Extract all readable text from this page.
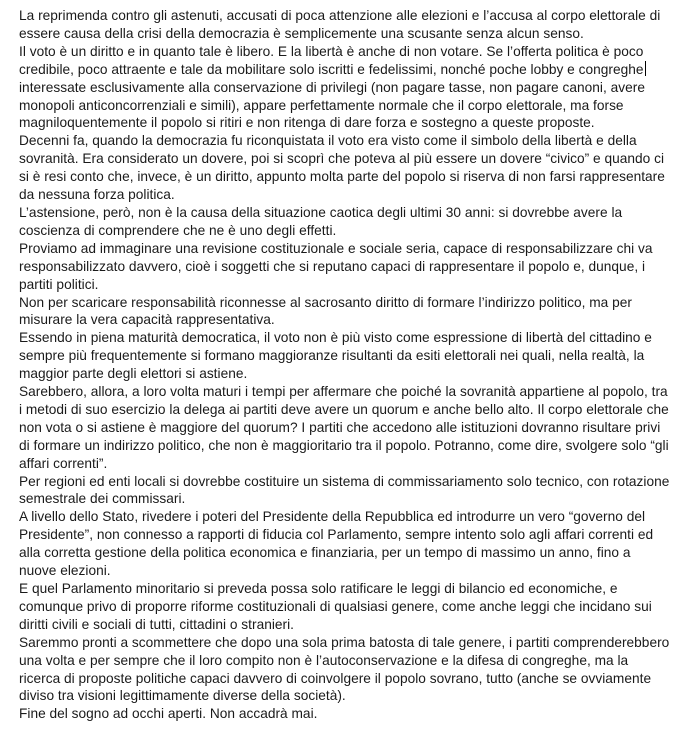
La reprimenda contro gli astenuti, accusati di poca attenzione alle elezioni e l’accusa al corpo elettorale di essere causa della crisi della democrazia è semplicemente una scusante senza alcun senso.

Il voto è un diritto e in quanto tale è libero. E la libertà è anche di non votare. Se l’offerta politica è poco credibile, poco attraente e tale da mobilitare solo iscritti e fedelissimi, nonché poche lobby e congreghe

interessate esclusivamente alla conservazione di privilegi (non pagare tasse, non pagare canoni, avere monopoli anticoncorrenziali e simili), appare perfettamente normale che il corpo elettorale, ma forse magniloquentemente il popolo si ritiri e non ritenga di dare forza e sostegno a queste proposte.

Decenni fa, quando la democrazia fu riconquistata il voto era visto come il simbolo della libertà e della sovranità. Era considerato un dovere, poi si scoprì che poteva al più essere un dovere “civico” e quando ci si è resi conto che, invece, è un diritto, appunto molta parte del popolo si riserva di non farsi rappresentare da nessuna forza politica.

L’astensione, però, non è la causa della situazione caotica degli ultimi 30 anni: si dovrebbe avere la coscienza di comprendere che ne è uno degli effetti.

Proviamo ad immaginare una revisione costituzionale e sociale seria, capace di responsabilizzare chi va responsabilizzato davvero, cioè i soggetti che si reputano capaci di rappresentare il popolo e, dunque, i partiti politici.

Non per scaricare responsabilità riconnesse al sacrosanto diritto di formare l’indirizzo politico, ma per misurare la vera capacità rappresentativa.

Essendo in piena maturità democratica, il voto non è più visto come espressione di libertà del cittadino e sempre più frequentemente si formano maggioranze risultanti da esiti elettorali nei quali, nella realtà, la maggior parte degli elettori si astiene.

Sarebbero, allora, a loro volta maturi i tempi per affermare che poiché la sovranità appartiene al popolo, tra i metodi di suo esercizio la delega ai partiti deve avere un quorum e anche bello alto. Il corpo elettorale che non vota o si astiene è maggiore del quorum? I partiti che accedono alle istituzioni dovranno risultare privi di formare un indirizzo politico, che non è maggioritario tra il popolo. Potranno, come dire, svolgere solo “gli affari correnti”.

Per regioni ed enti locali si dovrebbe costituire un sistema di commissariamento solo tecnico, con rotazione semestrale dei commissari.

A livello dello Stato, rivedere i poteri del Presidente della Repubblica ed introdurre un vero “governo del Presidente”, non connesso a rapporti di fiducia col Parlamento, sempre intento solo agli affari correnti ed alla corretta gestione della politica economica e finanziaria, per un tempo di massimo un anno, fino a nuove elezioni.

E quel Parlamento minoritario si preveda possa solo ratificare le leggi di bilancio ed economiche, e comunque privo di proporre riforme costituzionali di qualsiasi genere, come anche leggi che incidano sui diritti civili e sociali di tutti, cittadini o stranieri.

Saremmo pronti a scommettere che dopo una sola prima batosta di tale genere, i partiti comprenderebbero una volta e per sempre che il loro compito non è l’autoconservazione e la difesa di congreghe, ma la ricerca di proposte politiche capaci davvero di coinvolgere il popolo sovrano, tutto (anche se ovviamente diviso tra visioni legittimamente diverse della società).

Fine del sogno ad occhi aperti. Non accadrà mai.
